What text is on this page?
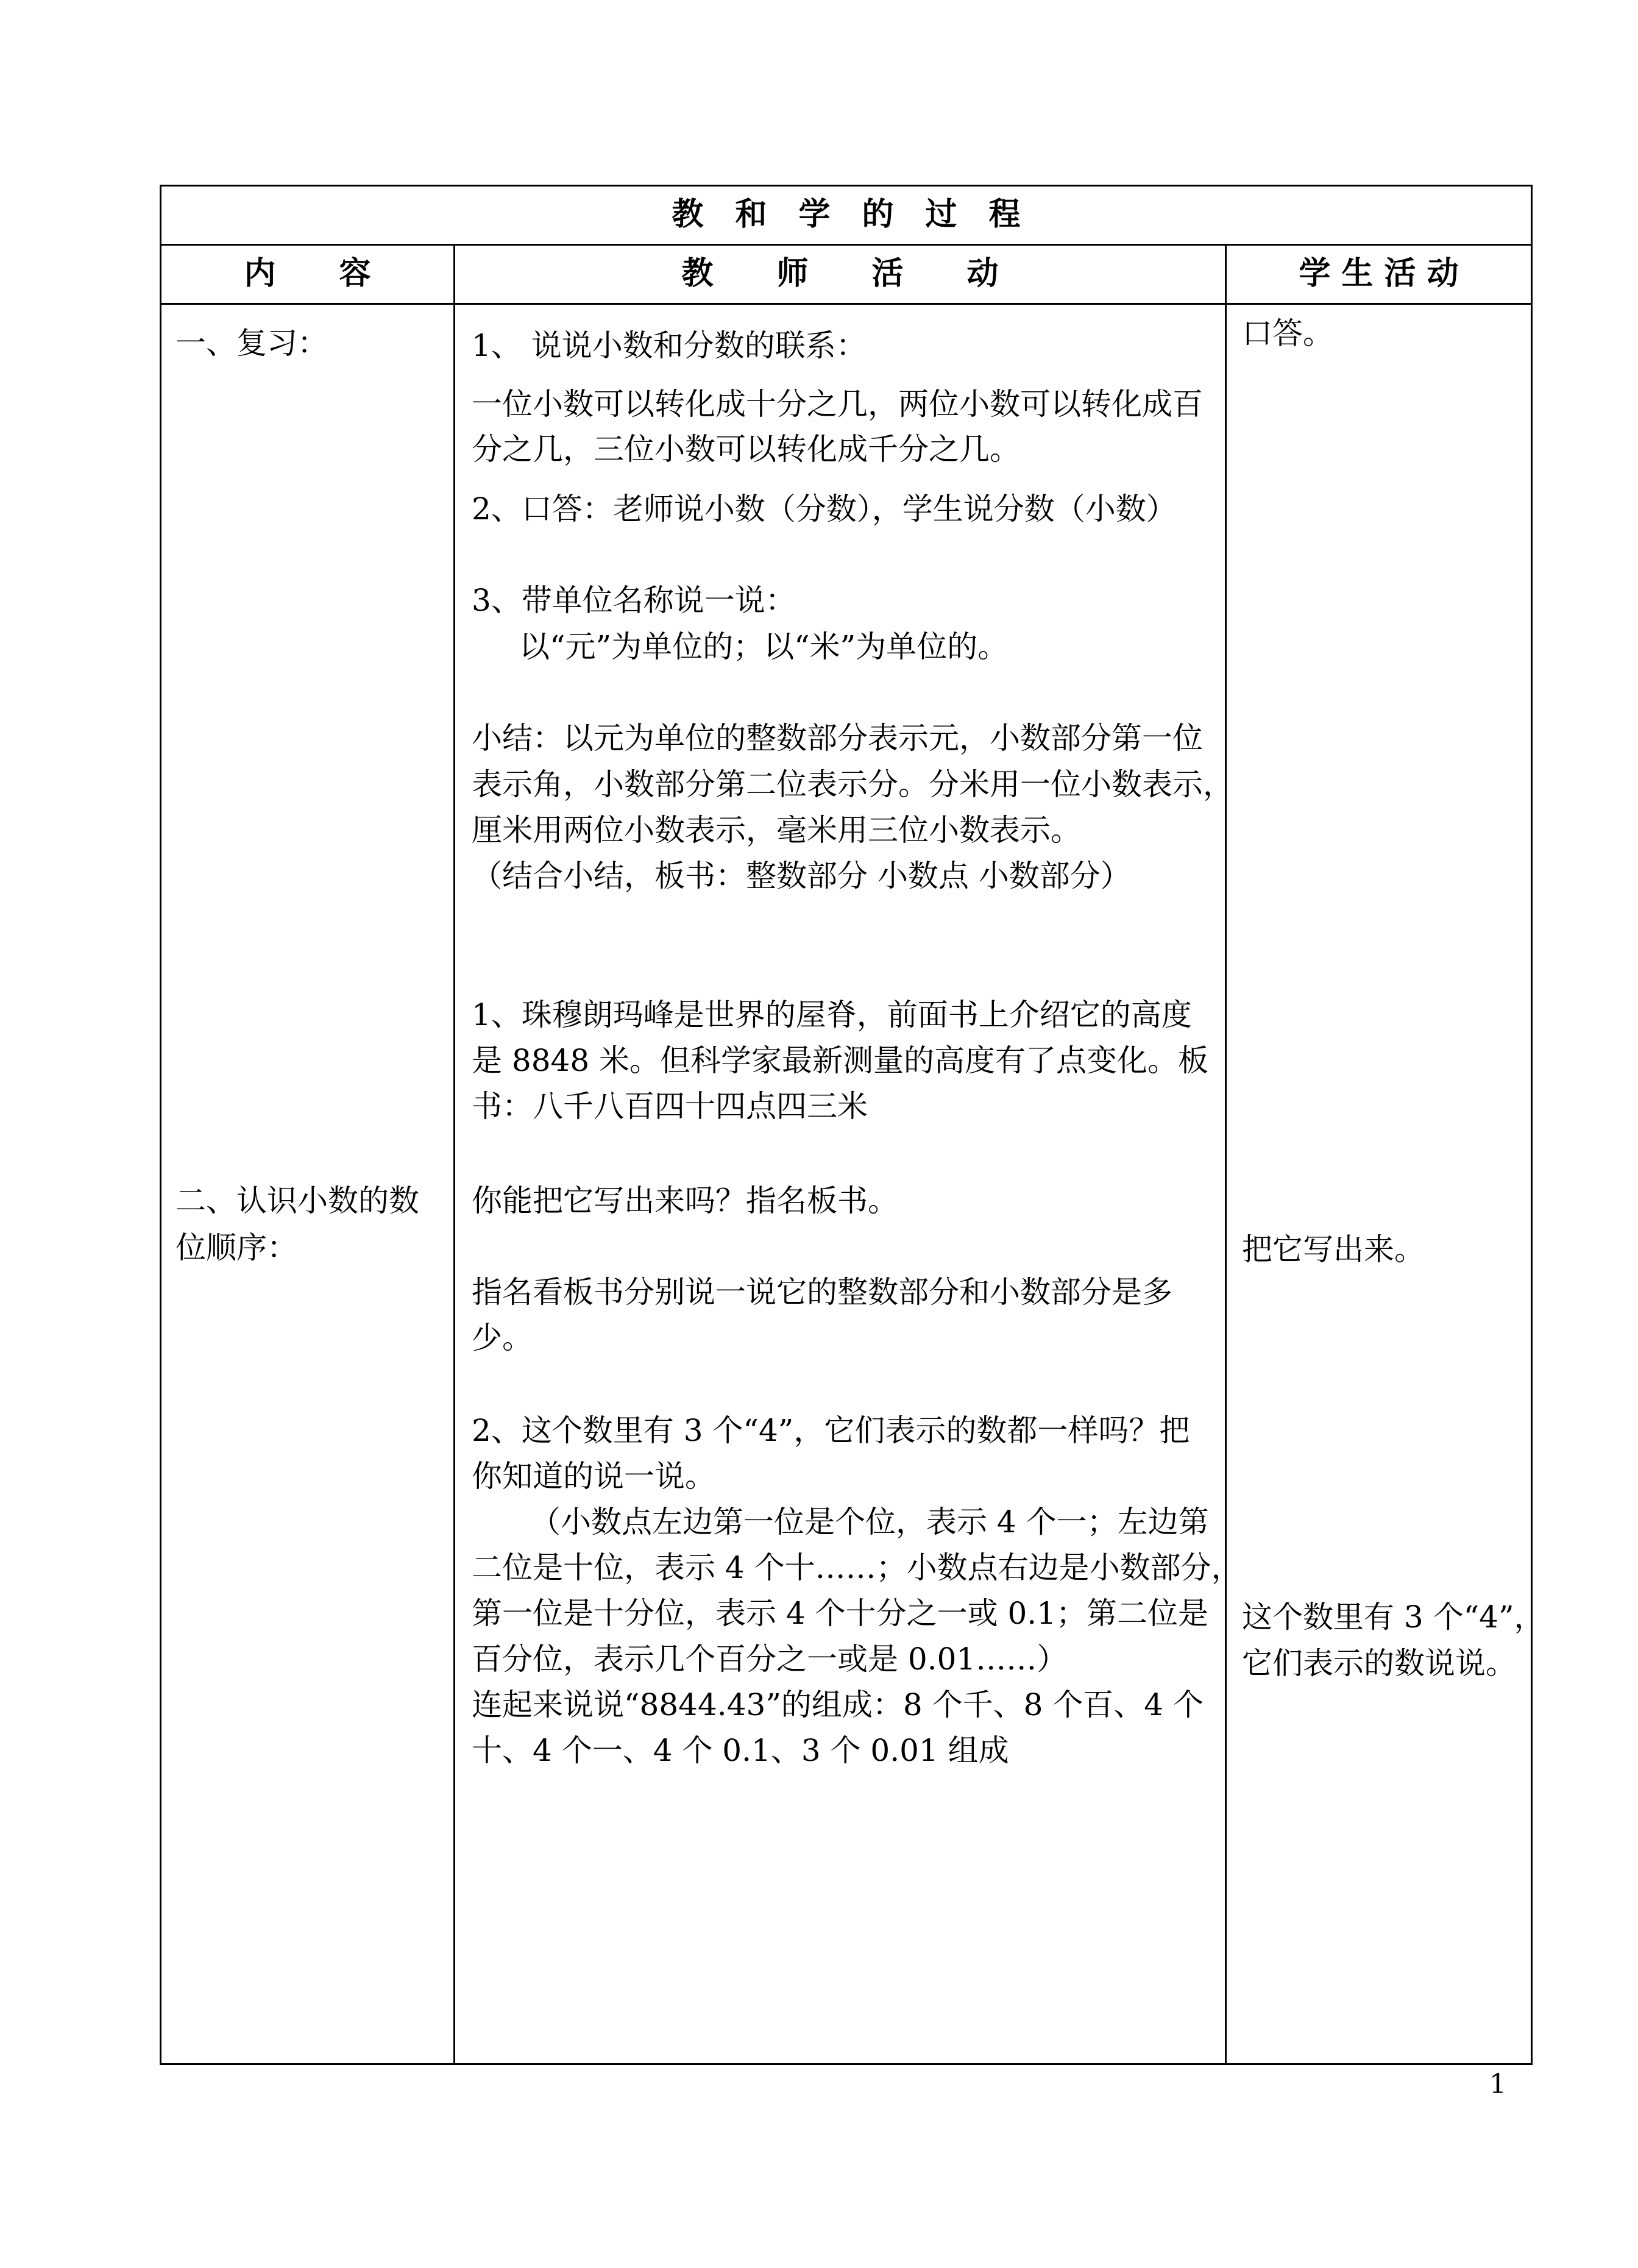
教　和　学　的　过　程
内　　容	教　　师　　活　　动	学 生 活 动
一、复习：
二、认识小数的数
位顺序：
1、 说说小数和分数的联系：
一位小数可以转化成十分之几，两位小数可以转化成百
分之几，三位小数可以转化成千分之几。
2、口答：老师说小数（分数），学生说分数（小数）
3、带单位名称说一说：
以“元”为单位的；以“米”为单位的。
小结：以元为单位的整数部分表示元，小数部分第一位
表示角，小数部分第二位表示分。分米用一位小数表示，
厘米用两位小数表示，毫米用三位小数表示。
（结合小结，板书：整数部分 小数点 小数部分）
1、珠穆朗玛峰是世界的屋脊，前面书上介绍它的高度
是 8848 米。但科学家最新测量的高度有了点变化。板
书：八千八百四十四点四三米
你能把它写出来吗？指名板书。
指名看板书分别说一说它的整数部分和小数部分是多
少。
2、这个数里有 3 个“4”，它们表示的数都一样吗？把
你知道的说一说。
（小数点左边第一位是个位，表示 4 个一；左边第
二位是十位，表示 4 个十……；小数点右边是小数部分，
第一位是十分位，表示 4 个十分之一或 0.1；第二位是
百分位，表示几个百分之一或是 0.01……）
连起来说说“8844.43”的组成：8 个千、8 个百、4 个
十、4 个一、4 个 0.1、3 个 0.01 组成
口答。
把它写出来。
这个数里有 3 个“4”，
它们表示的数说说。
1
